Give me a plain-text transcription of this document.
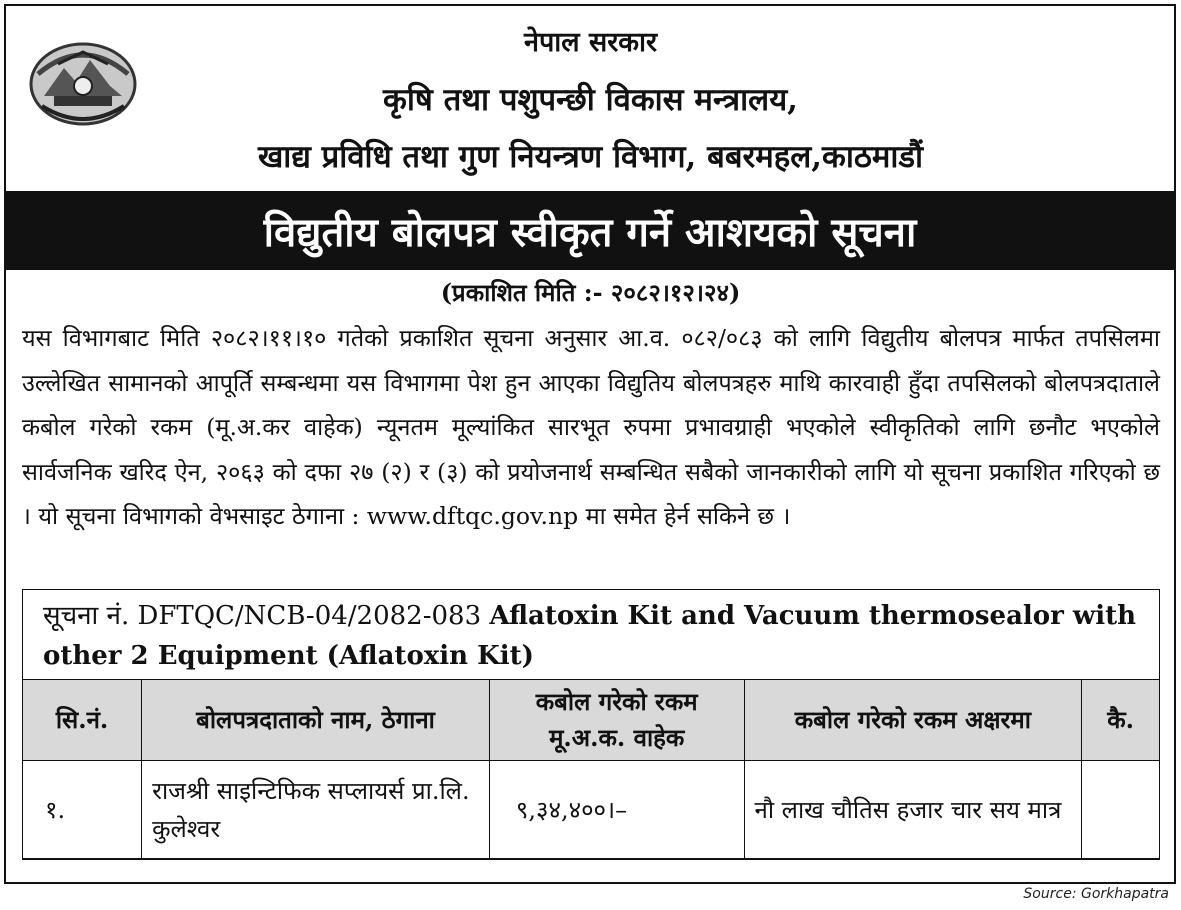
नेपाल सरकार
कृषि तथा पशुपन्छी विकास मन्त्रालय,
खाद्य प्रविधि तथा गुण नियन्त्रण विभाग, बबरमहल,काठमाडौं
विद्युतीय बोलपत्र स्वीकृत गर्ने आशयको सूचना
(प्रकाशित मिति :- २०८२।१२।२४)
यस विभागबाट मिति २०८२।११।१० गतेको प्रकाशित सूचना अनुसार आ.व. ०८२/०८३ को लागि विद्युतीय बोलपत्र मार्फत तपसिलमा उल्लेखित सामानको आपूर्ति सम्बन्धमा यस विभागमा पेश हुन आएका विद्युतिय बोलपत्रहरु माथि कारवाही हुँदा तपसिलको बोलपत्रदाताले कबोल गरेको रकम (मू.अ.कर वाहेक) न्यूनतम मूल्यांकित सारभूत रुपमा प्रभावग्राही भएकोले स्वीकृतिको लागि छनौट भएकोले सार्वजनिक खरिद ऐन, २०६३ को दफा २७ (२) र (३) को प्रयोजनार्थ सम्बन्धित सबैको जानकारीको लागि यो सूचना प्रकाशित गरिएको छ । यो सूचना विभागको वेभसाइट ठेगाना : www.dftqc.gov.np मा समेत हेर्न सकिने छ ।
सूचना नं. DFTQC/NCB-04/2082-083 Aflatoxin Kit and Vacuum thermosealor with other 2 Equipment (Aflatoxin Kit)
सि.नं.	बोलपत्रदाताको नाम, ठेगाना	कबोल गरेको रकम मू.अ.क. वाहेक	कबोल गरेको रकम अक्षरमा	कै.
१.	राजश्री साइन्टिफिक सप्लायर्स प्रा.लि. कुलेश्वर	९,३४,४००।–	नौ लाख चौतिस हजार चार सय मात्र	
Source: Gorkhapatra
